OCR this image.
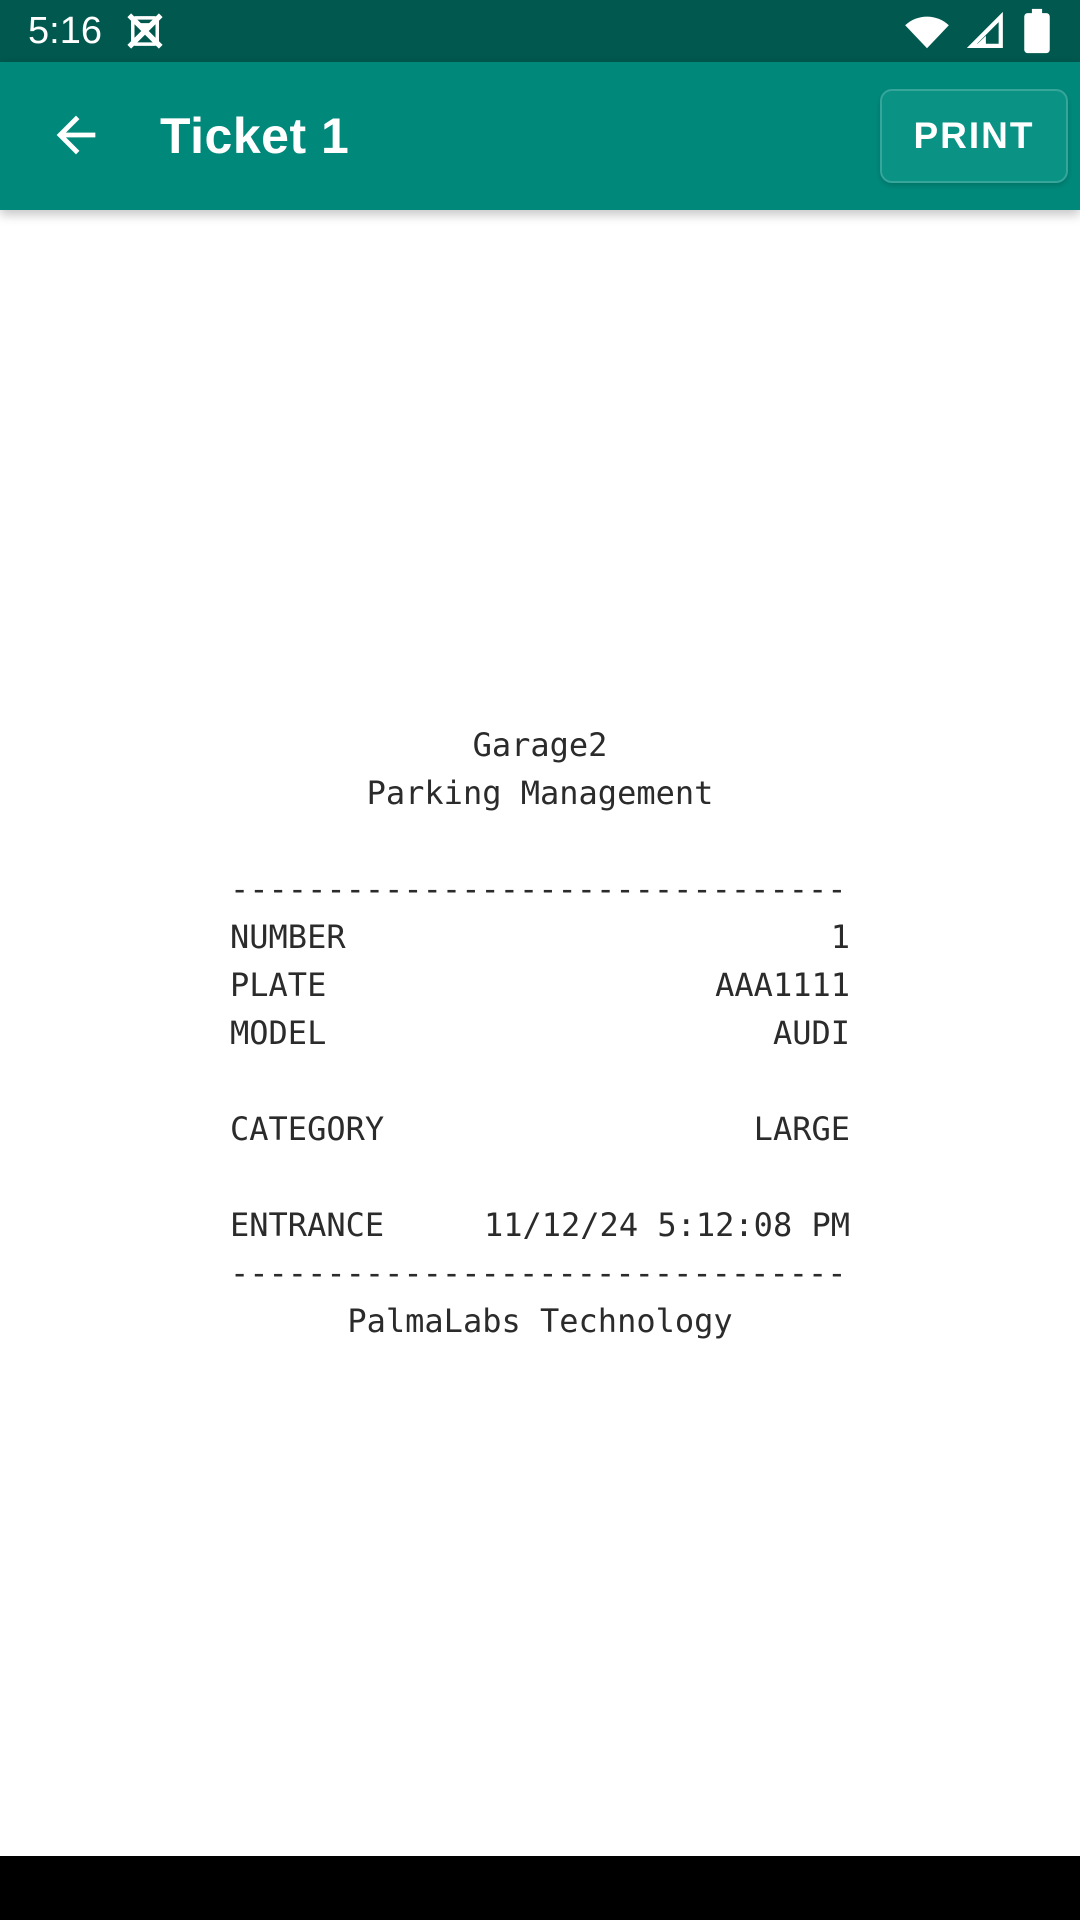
5:16
Ticket 1	PRINT
Garage2
Parking Management
--------------------------------
NUMBER	1
PLATE	AAA1111
MODEL	AUDI
CATEGORY	LARGE
ENTRANCE	11/12/24 5:12:08 PM
--------------------------------
PalmaLabs Technology
